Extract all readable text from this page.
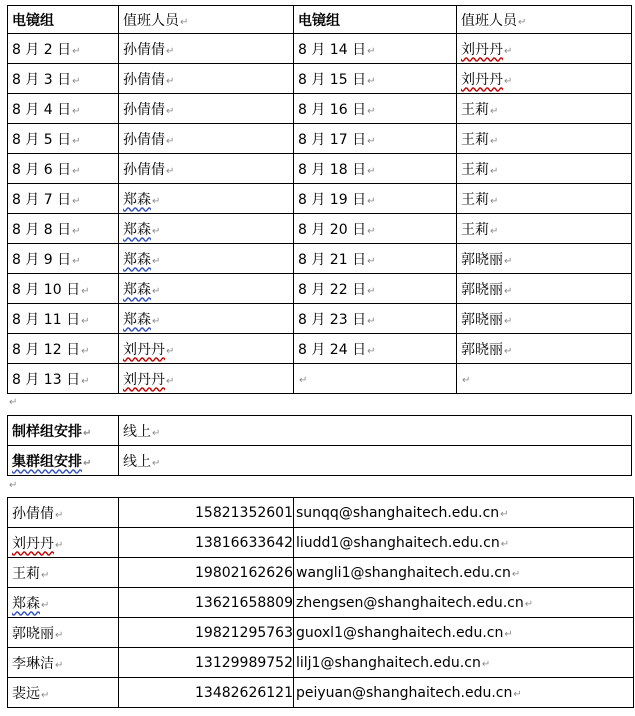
电镜组	值班人员↵	电镜组	值班人员↵
8 月 2 日↵	孙倩倩↵	8 月 14 日↵	刘丹丹↵
8 月 3 日↵	孙倩倩↵	8 月 15 日↵	刘丹丹↵
8 月 4 日↵	孙倩倩↵	8 月 16 日↵	王莉↵
8 月 5 日↵	孙倩倩↵	8 月 17 日↵	王莉↵
8 月 6 日↵	孙倩倩↵	8 月 18 日↵	王莉↵
8 月 7 日↵	郑森↵	8 月 19 日↵	王莉↵
8 月 8 日↵	郑森↵	8 月 20 日↵	王莉↵
8 月 9 日↵	郑森↵	8 月 21 日↵	郭晓丽↵
8 月 10 日↵	郑森↵	8 月 22 日↵	郭晓丽↵
8 月 11 日↵	郑森↵	8 月 23 日↵	郭晓丽↵
8 月 12 日↵	刘丹丹↵	8 月 24 日↵	郭晓丽↵
8 月 13 日↵	刘丹丹↵	↵	↵
↵
制样组安排↵	线上↵
集群组安排↵	线上↵
↵
孙倩倩↵	15821352601	sunqq@shanghaitech.edu.cn↵
刘丹丹↵	13816633642	liudd1@shanghaitech.edu.cn↵
王莉↵	19802162626	wangli1@shanghaitech.edu.cn↵
郑森↵	13621658809	zhengsen@shanghaitech.edu.cn↵
郭晓丽↵	19821295763	guoxl1@shanghaitech.edu.cn↵
李琳洁↵	13129989752	lilj1@shanghaitech.edu.cn↵
裴远↵	13482626121	peiyuan@shanghaitech.edu.cn↵
